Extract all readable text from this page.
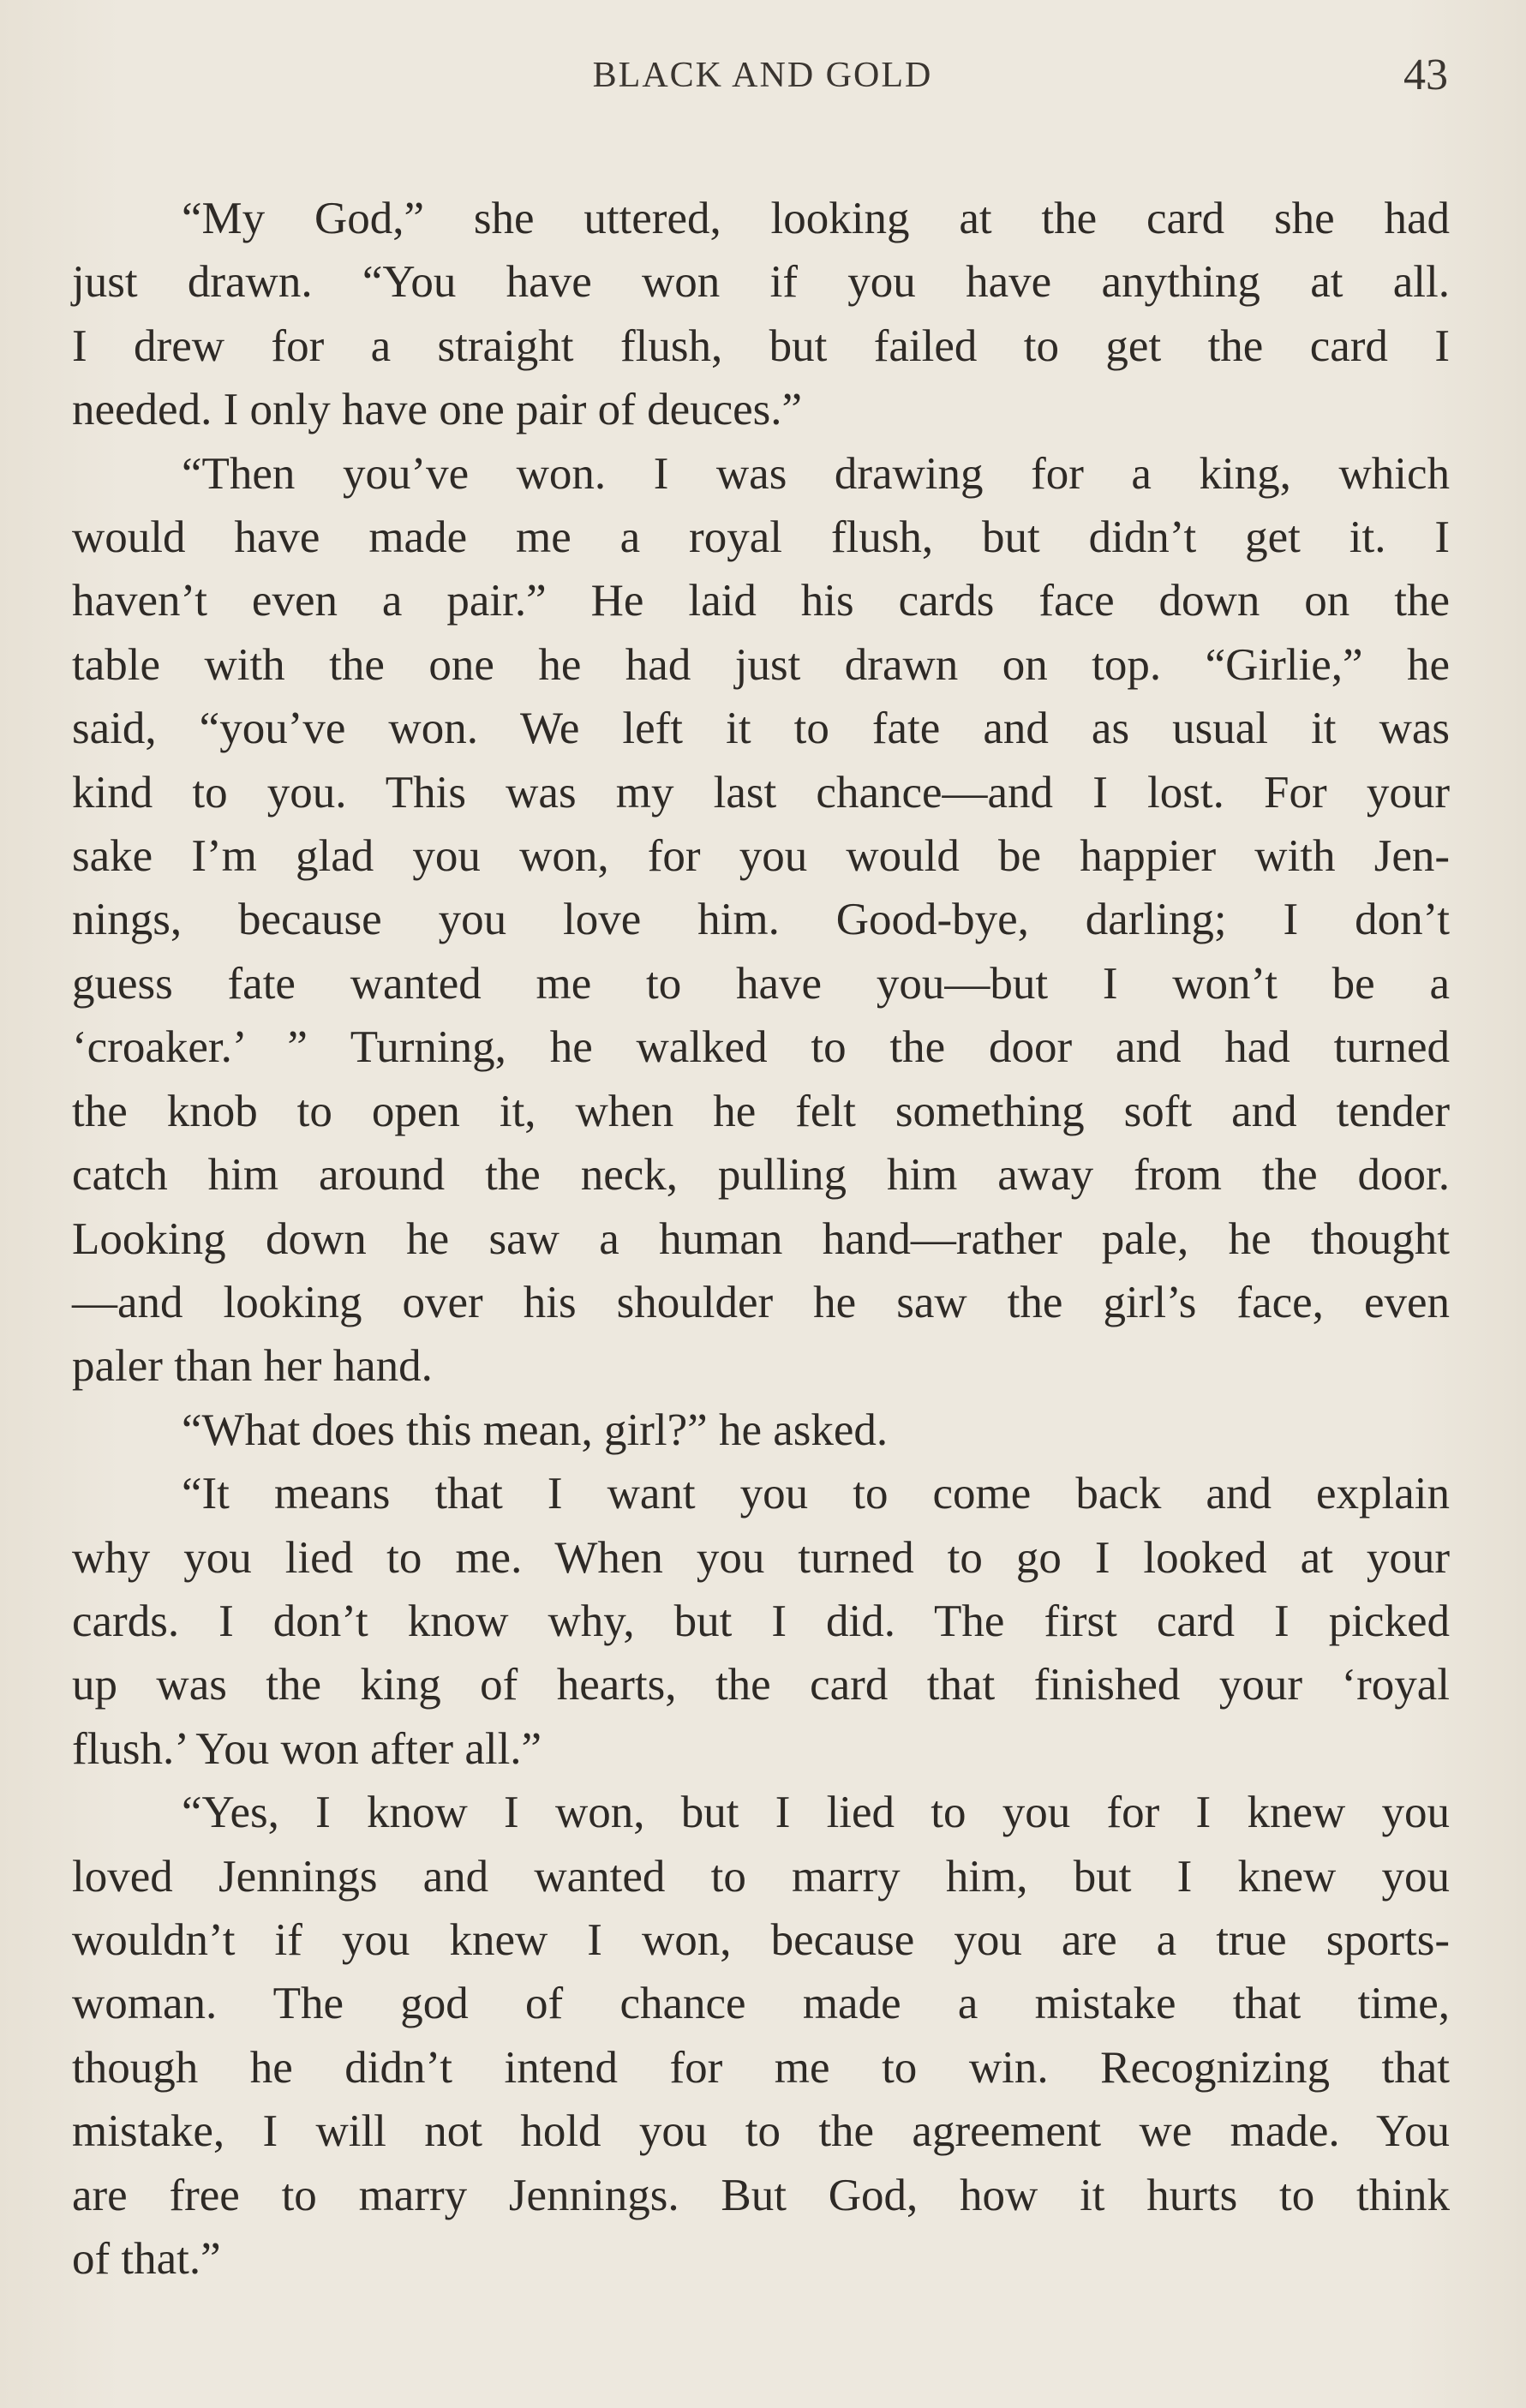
BLACK AND GOLD	43

“My God,” she uttered, looking at the card she had
just drawn. “You have won if you have anything at all.
I drew for a straight flush, but failed to get the card I
needed. I only have one pair of deuces.”

“Then you’ve won. I was drawing for a king, which
would have made me a royal flush, but didn’t get it. I
haven’t even a pair.” He laid his cards face down on the
table with the one he had just drawn on top. “Girlie,” he
said, “you’ve won. We left it to fate and as usual it was
kind to you. This was my last chance—and I lost. For your
sake I’m glad you won, for you would be happier with Jen-
nings, because you love him. Good-bye, darling; I don’t
guess fate wanted me to have you—but I won’t be a
‘croaker.’ ” Turning, he walked to the door and had turned
the knob to open it, when he felt something soft and tender
catch him around the neck, pulling him away from the door.
Looking down he saw a human hand—rather pale, he thought
—and looking over his shoulder he saw the girl’s face, even
paler than her hand.

“What does this mean, girl?” he asked.

“It means that I want you to come back and explain
why you lied to me. When you turned to go I looked at your
cards. I don’t know why, but I did. The first card I picked
up was the king of hearts, the card that finished your ‘royal
flush.’ You won after all.”

“Yes, I know I won, but I lied to you for I knew you
loved Jennings and wanted to marry him, but I knew you
wouldn’t if you knew I won, because you are a true sports-
woman. The god of chance made a mistake that time,
though he didn’t intend for me to win. Recognizing that
mistake, I will not hold you to the agreement we made. You
are free to marry Jennings. But God, how it hurts to think
of that.”
